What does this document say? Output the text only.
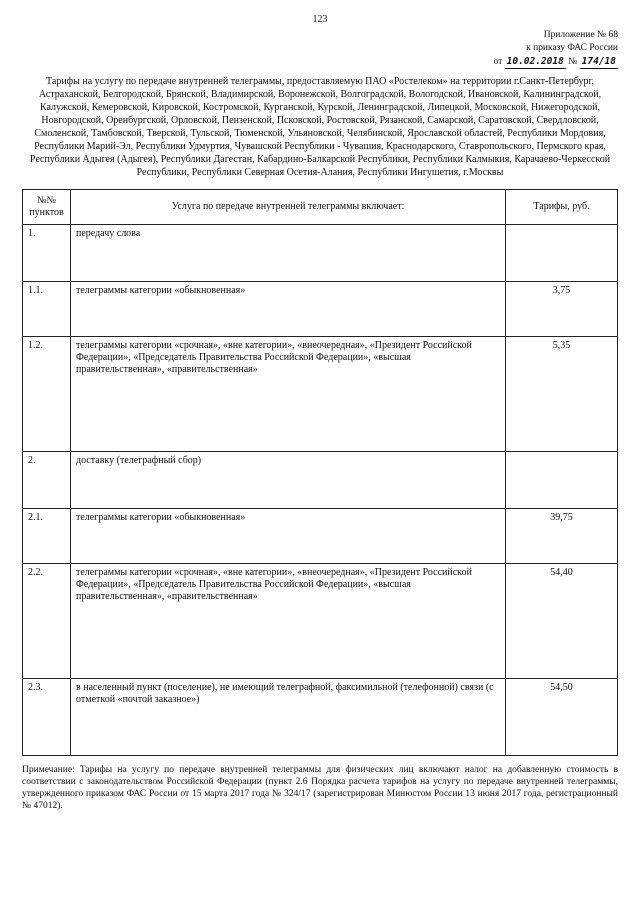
123
Приложение № 68
к приказу ФАС России
от 10.02.2018 № 174/18
Тарифы на услугу по передаче внутренней телеграммы, предоставляемую ПАО «Ростелеком» на территории г.Санкт-Петербург, Астраханской, Белгородской, Брянской, Владимирской, Воронежской, Волгоградской, Вологодской, Ивановской, Калининградской, Калужской, Кемеровской, Кировской, Костромской, Курганской, Курской, Ленинградской, Липецкой, Московской, Нижегородской, Новгородской, Оренбургской, Орловской, Пензенской, Псковской, Ростовской, Рязанской, Самарской, Саратовской, Свердловской, Смоленской, Тамбовской, Тверской, Тульской, Тюменской, Ульяновской, Челябинской, Ярославской областей, Республики Мордовия, Республики Марий-Эл, Республики Удмуртия, Чувашской Республики - Чувашия, Краснодарского, Ставропольского, Пермского края, Республики Адыгея (Адыгея), Республики Дагестан, Кабардино-Балкарской Республики, Республики Калмыкия, Карачаево-Черкесской Республики, Республики Северная Осетия-Алания, Республики Ингушетия, г.Москвы
№№ пунктов	Услуга по передаче внутренней телеграммы включает:	Тарифы, руб.
1.	передачу слова	
1.1.	телеграммы категории «обыкновенная»	3,75
1.2.	телеграммы категории «срочная», «вне категории», «внеочередная», «Президент Российской Федерации», «Председатель Правительства Российской Федерации», «высшая правительственная», «правительственная»	5,35
2.	доставку (телеграфный сбор)	
2.1.	телеграммы категории «обыкновенная»	39,75
2.2.	телеграммы категории «срочная», «вне категории», «внеочередная», «Президент Российской Федерации», «Председатель Правительства Российской Федерации», «высшая правительственная», «правительственная»	54,40
2.3.	в населенный пункт (поселение), не имеющий телеграфной, факсимильной (телефонной) связи (с отметкой «почтой заказное»)	54,50
Примечание: Тарифы на услугу по передаче внутренней телеграммы для физических лиц включают налог на добавленную стоимость в соответствии с законодательством Российской Федерации (пункт 2.6 Порядка расчета тарифов на услугу по передаче внутренней телеграммы, утвержденного приказом ФАС России от 15 марта 2017 года № 324/17 (зарегистрирован Минюстом России 13 июня 2017 года, регистрационный № 47012).
